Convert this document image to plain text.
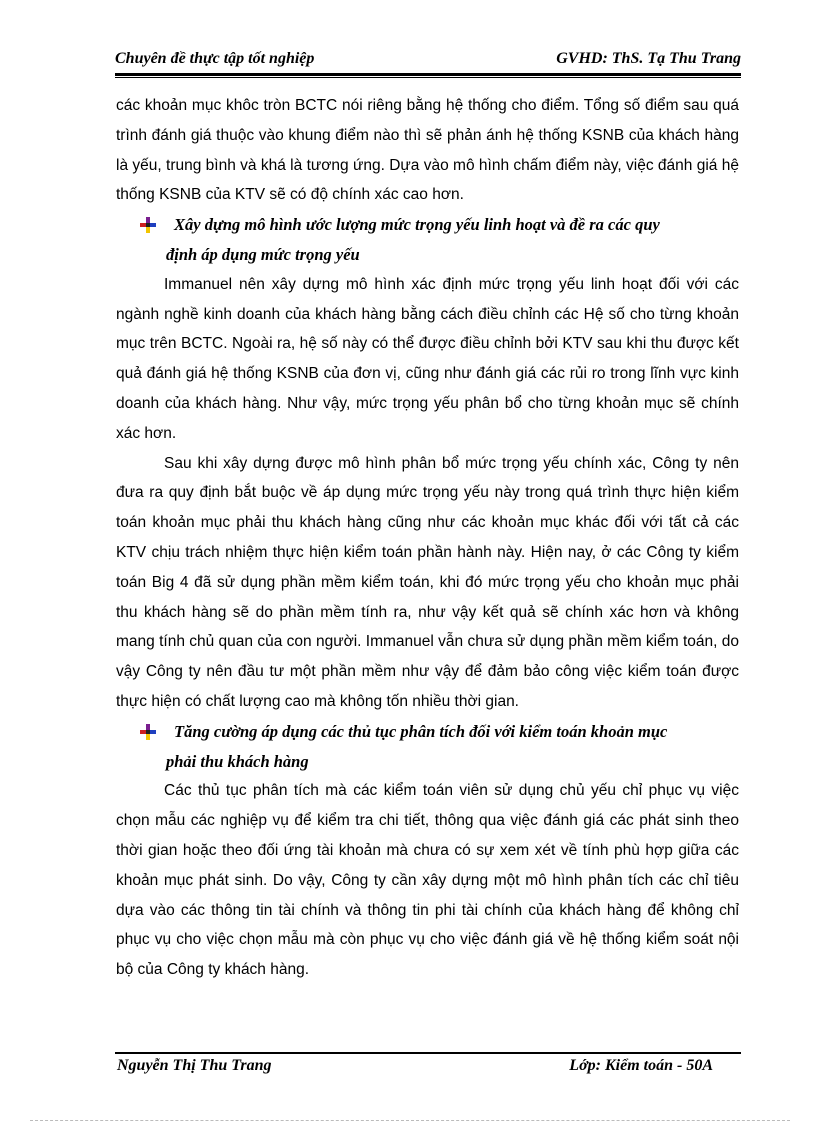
Chuyên đề thực tập tốt nghiệp	GVHD: ThS. Tạ Thu Trang

các khoản mục khôc tròn BCTC nói riêng bằng hệ thống cho điểm. Tổng số điểm sau quá trình đánh giá thuộc vào khung điểm nào thì sẽ phản ánh hệ thống KSNB của khách hàng là yếu, trung bình và khá là tương ứng. Dựa vào mô hình chấm điểm này, việc đánh giá hệ thống KSNB của KTV sẽ có độ chính xác cao hơn.

Xây dựng mô hình ước lượng mức trọng yếu linh hoạt và đề ra các quy
định áp dụng mức trọng yếu

Immanuel nên xây dựng mô hình xác định mức trọng yếu linh hoạt đối với các ngành nghề kinh doanh của khách hàng bằng cách điều chỉnh các Hệ số cho từng khoản mục trên BCTC. Ngoài ra, hệ số này có thể được điều chỉnh bởi KTV sau khi thu được kết quả đánh giá hệ thống KSNB của đơn vị, cũng như đánh giá các rủi ro trong lĩnh vực kinh doanh của khách hàng. Như vậy, mức trọng yếu phân bổ cho từng khoản mục sẽ chính xác hơn.

Sau khi xây dựng được mô hình phân bổ mức trọng yếu chính xác, Công ty nên đưa ra quy định bắt buộc về áp dụng mức trọng yếu này trong quá trình thực hiện kiểm toán khoản mục phải thu khách hàng cũng như các khoản mục khác đối với tất cả các KTV chịu trách nhiệm thực hiện kiểm toán phần hành này. Hiện nay, ở các Công ty kiểm toán Big 4 đã sử dụng phần mềm kiểm toán, khi đó mức trọng yếu cho khoản mục phải thu khách hàng sẽ do phần mềm tính ra, như vậy kết quả sẽ chính xác hơn và không mang tính chủ quan của con người. Immanuel vẫn chưa sử dụng phần mềm kiểm toán, do vậy Công ty nên đầu tư một phần mềm như vậy để đảm bảo công việc kiểm toán được thực hiện có chất lượng cao mà không tốn nhiều thời gian.

Tăng cường áp dụng các thủ tục phân tích đối với kiểm toán khoản mục
phải thu khách hàng

Các thủ tục phân tích mà các kiểm toán viên sử dụng chủ yếu chỉ phục vụ việc chọn mẫu các nghiệp vụ để kiểm tra chi tiết, thông qua việc đánh giá các phát sinh theo thời gian hoặc theo đối ứng tài khoản mà chưa có sự xem xét về tính phù hợp giữa các khoản mục phát sinh. Do vậy, Công ty cần xây dựng một mô hình phân tích các chỉ tiêu dựa vào các thông tin tài chính và thông tin phi tài chính của khách hàng để không chỉ phục vụ cho việc chọn mẫu mà còn phục vụ cho việc đánh giá về hệ thống kiểm soát nội bộ của Công ty khách hàng.

Nguyễn Thị Thu Trang	Lớp: Kiểm toán - 50A
